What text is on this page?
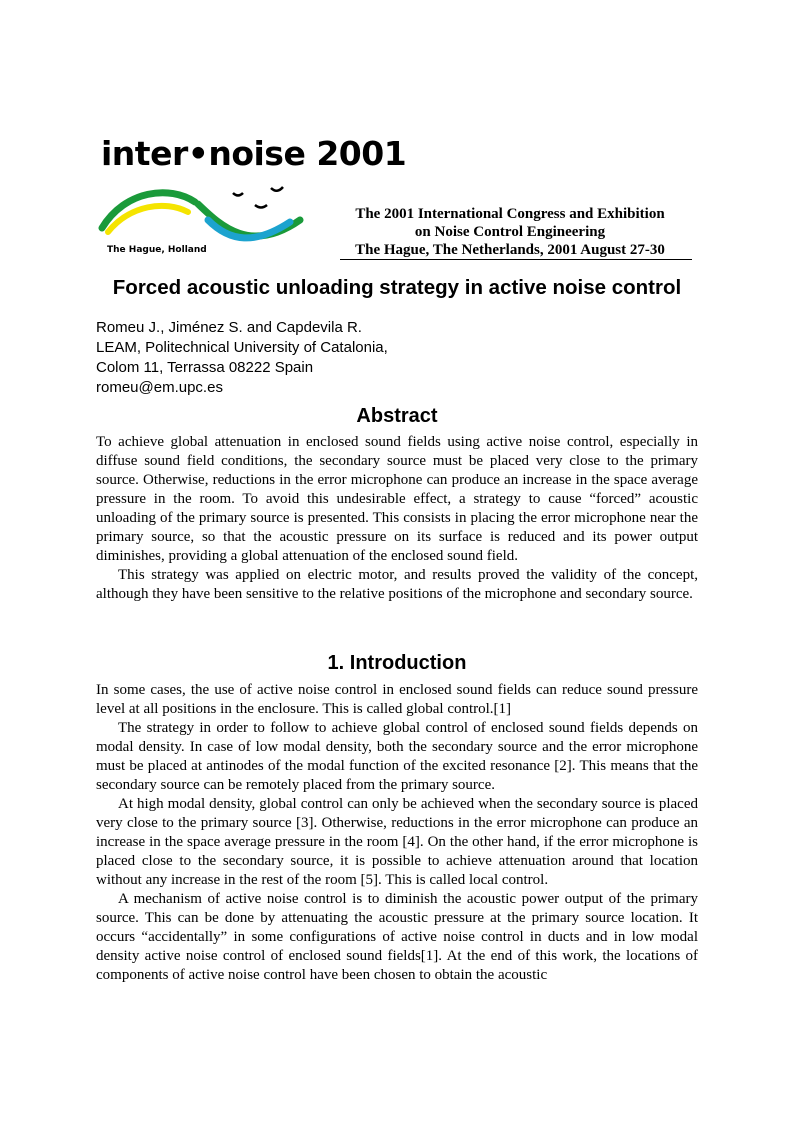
inter•noise 2001
The Hague, Holland
The 2001 International Congress and Exhibition
on Noise Control Engineering
The Hague, The Netherlands, 2001 August 27-30
Forced acoustic unloading strategy in active noise control
Romeu J., Jiménez S. and Capdevila R.
LEAM, Politechnical University of Catalonia,
Colom 11, Terrassa 08222 Spain
romeu@em.upc.es
Abstract

To achieve global attenuation in enclosed sound fields using active noise control, especially in diffuse sound field conditions, the secondary source must be placed very close to the primary source. Otherwise, reductions in the error microphone can produce an increase in the space average pressure in the room. To avoid this undesirable effect, a strategy to cause “forced” acoustic unloading of the primary source is presented. This consists in placing the error microphone near the primary source, so that the acoustic pressure on its surface is reduced and its power output diminishes, providing a global attenuation of the enclosed sound field.

This strategy was applied on electric motor, and results proved the validity of the concept, although they have been sensitive to the relative positions of the microphone and secondary source.

1. Introduction

In some cases, the use of active noise control in enclosed sound fields can reduce sound pressure level at all positions in the enclosure. This is called global control.[1]

The strategy in order to follow to achieve global control of enclosed sound fields depends on modal density. In case of low modal density, both the secondary source and the error microphone must be placed at antinodes of the modal function of the excited resonance [2]. This means that the secondary source can be remotely placed from the primary source.

At high modal density, global control can only be achieved when the secondary source is placed very close to the primary source [3]. Otherwise, reductions in the error microphone can produce an increase in the space average pressure in the room [4]. On the other hand, if the error microphone is placed close to the secondary source, it is possible to achieve attenuation around that location without any increase in the rest of the room [5]. This is called local control.

A mechanism of active noise control is to diminish the acoustic power output of the primary source. This can be done by attenuating the acoustic pressure at the primary source location. It occurs “accidentally” in some configurations of active noise control in ducts and in low modal density active noise control of enclosed sound fields[1]. At the end of this work, the locations of components of active noise control have been chosen to obtain the acoustic
